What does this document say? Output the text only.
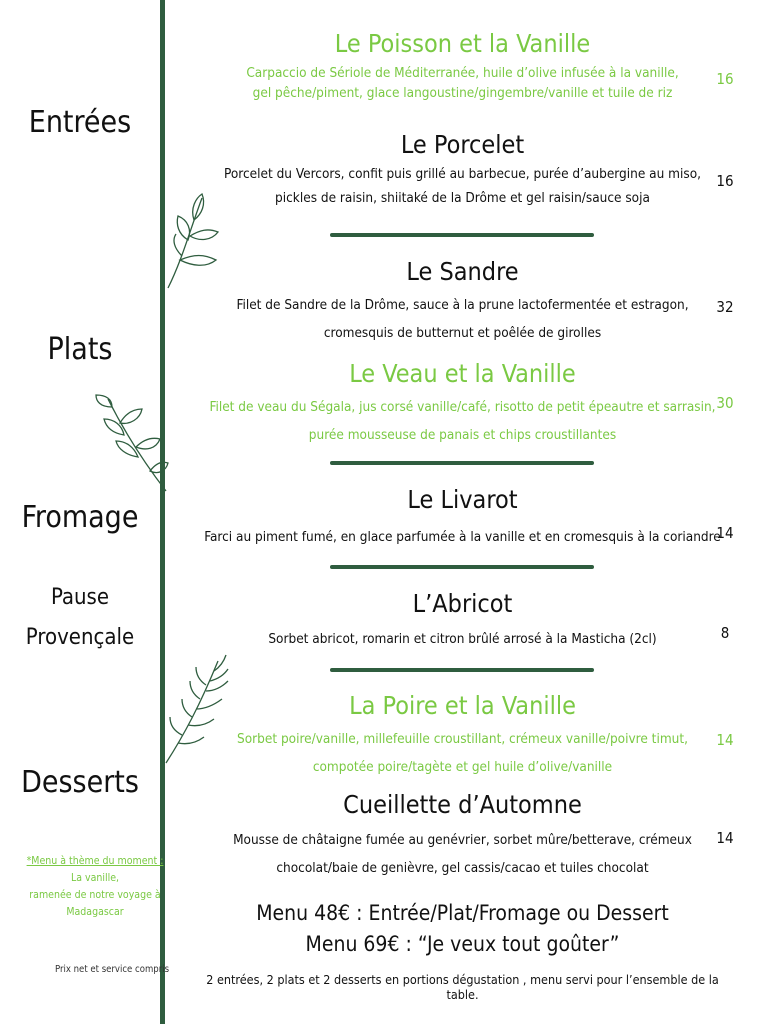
Entrées
Plats
Fromage
Pause
Provençale
Desserts

Le Poisson et la Vanille

Carpaccio de Sériole de Méditerranée, huile d’olive infusée à la vanille,

gel pêche/piment, glace langoustine/gingembre/vanille et tuile de riz

16

Le Porcelet

Porcelet du Vercors, confit puis grillé au barbecue, purée d’aubergine au miso,

pickles de raisin, shiitaké de la Drôme et gel raisin/sauce soja

16

Le Sandre

Filet de Sandre de la Drôme, sauce à la prune lactofermentée et estragon,

cromesquis de butternut et poêlée de girolles

32

Le Veau et la Vanille

Filet de veau du Ségala, jus corsé vanille/café, risotto de petit épeautre et sarrasin,

purée mousseuse de panais et chips croustillantes

30

Le Livarot

Farci au piment fumé, en glace parfumée à la vanille et en cromesquis à la coriandre

14

L’Abricot

Sorbet abricot, romarin et citron brûlé arrosé à la Masticha (2cl)	8

La Poire et la Vanille

Sorbet poire/vanille, millefeuille croustillant, crémeux vanille/poivre timut,

compotée poire/tagète et gel huile d’olive/vanille

14

Cueillette d’Automne

Mousse de châtaigne fumée au genévrier, sorbet mûre/betterave, crémeux

chocolat/baie de genièvre, gel cassis/cacao et tuiles chocolat

14
*Menu à thème du moment :
La vanille,
ramenée de notre voyage à
Madagascar
Prix net et service compris
Menu 48€ : Entrée/Plat/Fromage ou Dessert
Menu 69€ : “Je veux tout goûter”
2 entrées, 2 plats et 2 desserts en portions dégustation , menu servi pour l’ensemble de la table.
